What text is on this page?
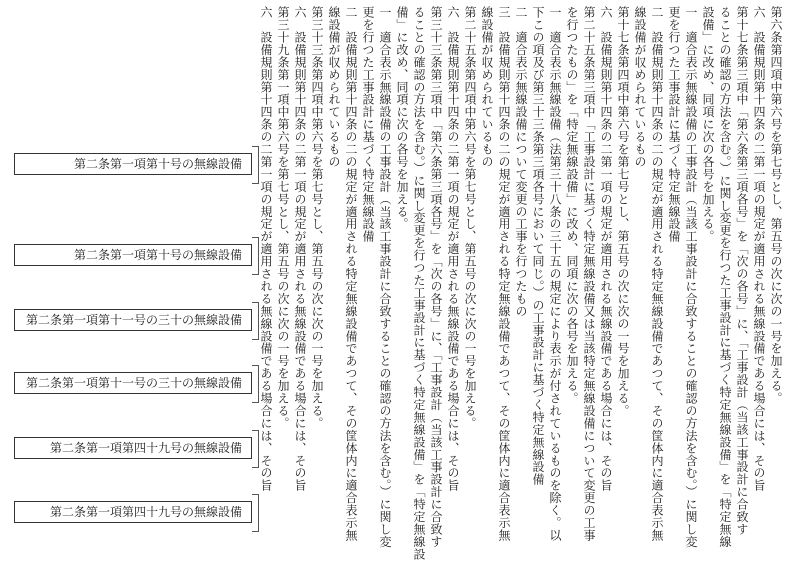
第六条第四項中第六号を第七号とし、第五号の次に次の一号を加える。
六　設備規則第十四条の二第一項の規定が適用される無線設備である場合には、その旨
第十七条第三項中「第六条第三項各号」を「次の各号」に、「工事設計（当該工事設計に合致す
ることの確認の方法を含む。）に関し変更を行つた工事設計に基づく特定無線設備」を「特定無線
設備」に改め、同項に次の各号を加える。
一　適合表示無線設備の工事設計（当該工事設計に合致することの確認の方法を含む。）に関し変
更を行つた工事設計に基づく特定無線設備
二　設備規則第十四条の二の規定が適用される特定無線設備であつて、その筐体内に適合表示無
線設備が収められているもの
第十七条第四項中第六号を第七号とし、第五号の次に次の一号を加える。
六　設備規則第十四条の二第一項の規定が適用される無線設備である場合には、その旨
第二十五条第三項中「工事設計に基づく特定無線設備又は当該特定無線設備について変更の工事
を行つたもの」を「特定無線設備」に改め、同項に次の各号を加える。
一　適合表示無線設備（法第三十八条の三十五の規定により表示が付されているものを除く。以
下この項及び第三十三条第三項各号において同じ。）の工事設計に基づく特定無線設備
二　適合表示無線設備について変更の工事を行つたもの
三　設備規則第十四条の二の規定が適用される特定無線設備であつて、その筐体内に適合表示無
線設備が収められているもの
第二十五条第四項中第六号を第七号とし、第五号の次に次の一号を加える。
六　設備規則第十四条の二第一項の規定が適用される無線設備である場合には、その旨
第三十三条第三項中「第六条第三項各号」を「次の各号」に、「工事設計（当該工事設計に合致す
ることの確認の方法を含む。）に関し変更を行つた工事設計に基づく特定無線設備」を「特定無線設
備」に改め、同項に次の各号を加える。
一　適合表示無線設備の工事設計（当該工事設計に合致することの確認の方法を含む。）に関し変
更を行つた工事設計に基づく特定無線設備
二　設備規則第十四条の二の規定が適用される特定無線設備であつて、その筐体内に適合表示無
線設備が収められているもの
第三十三条第四項中第六号を第七号とし、第五号の次に次の一号を加える。
六　設備規則第十四条の二第一項の規定が適用される無線設備である場合には、その旨
第三十九条第一項中第六号を第七号とし、第五号の次に次の一号を加える。
六　設備規則第十四条の二第一項の規定が適用される無線設備である場合には、その旨
第二条第一項第十号の無線設備
第二条第一項第十号の無線設備
第二条第一項第十一号の三十の無線設備
第二条第一項第十一号の三十の無線設備
第二条第一項第四十九号の無線設備
第二条第一項第四十九号の無線設備
